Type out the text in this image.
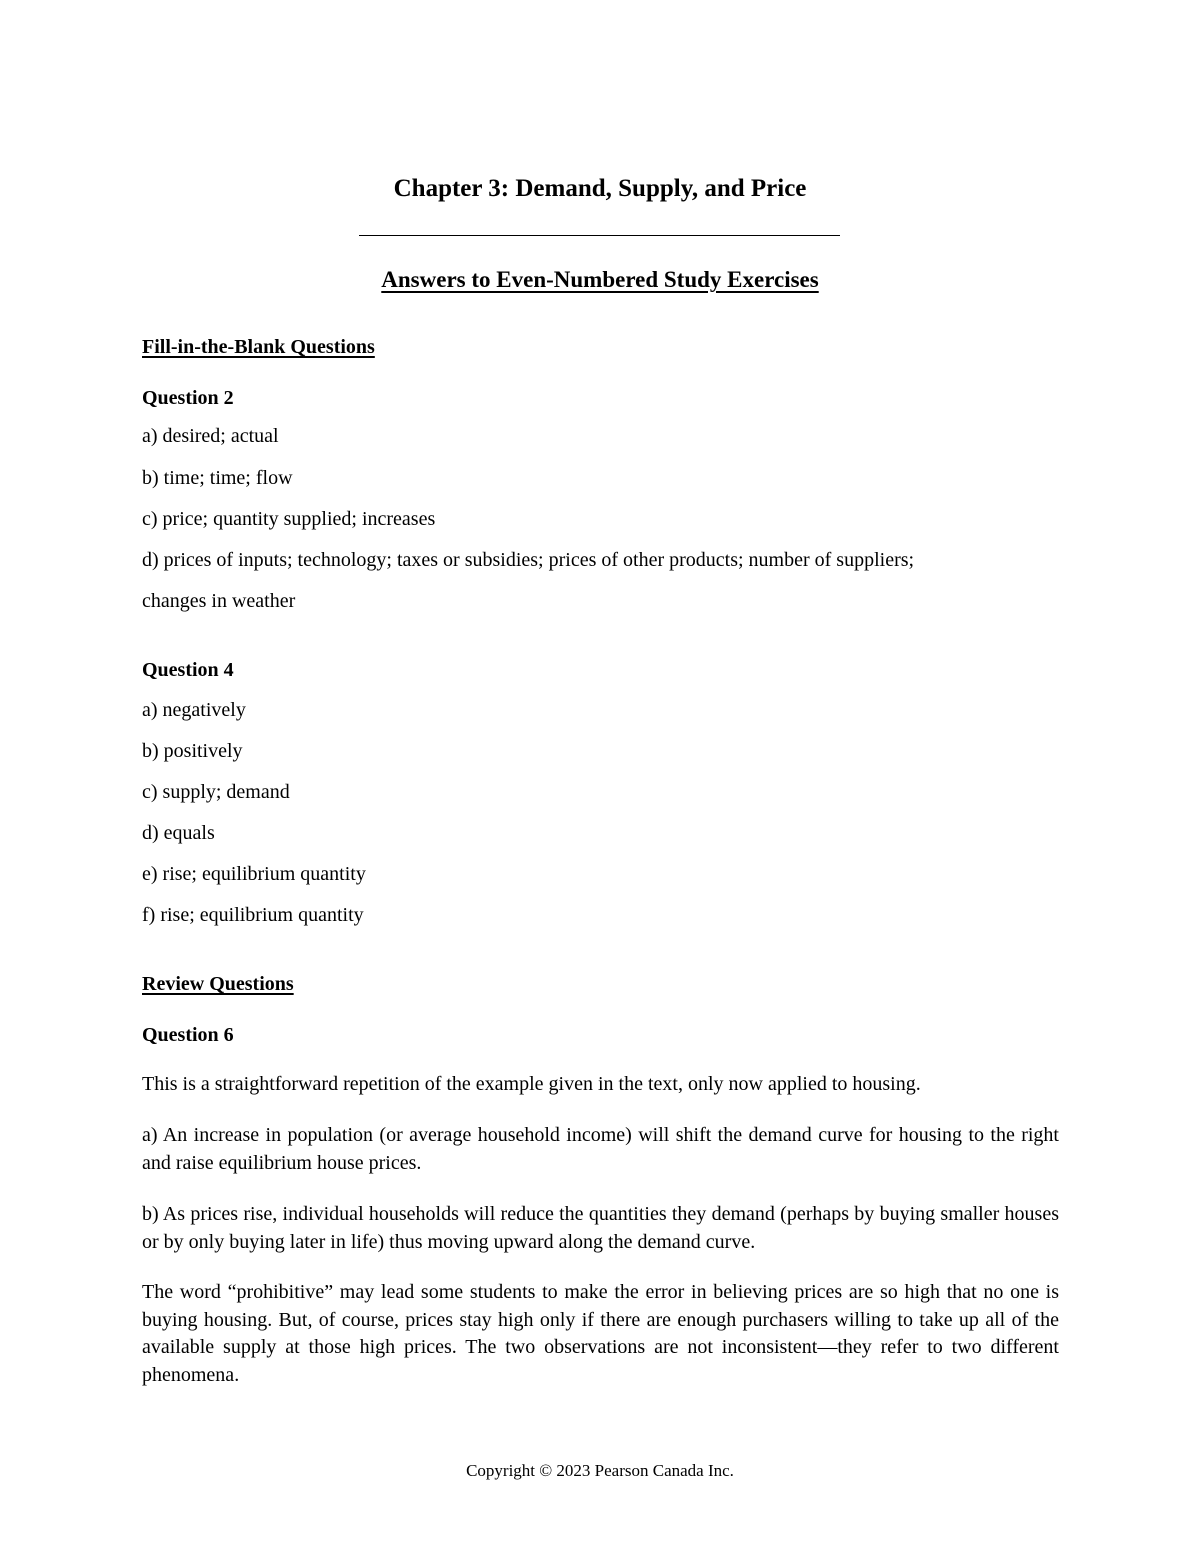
Chapter 3: Demand, Supply, and Price
Answers to Even-Numbered Study Exercises
Fill-in-the-Blank Questions
Question 2
a) desired; actual
b) time; time; flow
c) price; quantity supplied; increases
d) prices of inputs; technology; taxes or subsidies; prices of other products; number of suppliers;
changes in weather
Question 4
a) negatively
b) positively
c) supply; demand
d) equals
e) rise; equilibrium quantity
f) rise; equilibrium quantity
Review Questions
Question 6
This is a straightforward repetition of the example given in the text, only now applied to housing.
a) An increase in population (or average household income) will shift the demand curve for housing to the right and raise equilibrium house prices.
b) As prices rise, individual households will reduce the quantities they demand (perhaps by buying smaller houses or by only buying later in life) thus moving upward along the demand curve.
The word “prohibitive” may lead some students to make the error in believing prices are so high that no one is buying housing. But, of course, prices stay high only if there are enough purchasers willing to take up all of the available supply at those high prices. The two observations are not inconsistent—they refer to two different phenomena.
Copyright © 2023 Pearson Canada Inc.
